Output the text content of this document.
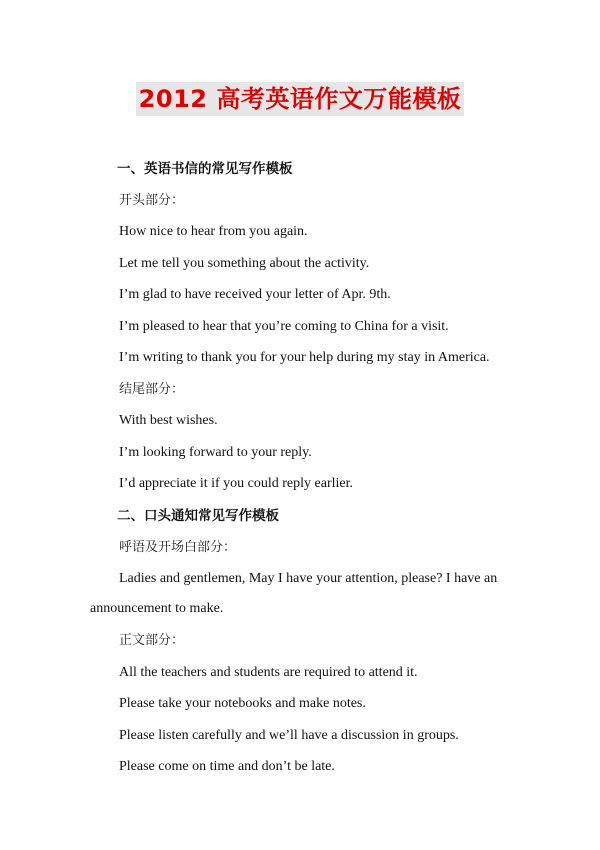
2012 高考英语作文万能模板
一、英语书信的常见写作模板
开头部分：
How nice to hear from you again.
Let me tell you something about the activity.
I’m glad to have received your letter of Apr. 9th.
I’m pleased to hear that you’re coming to China for a visit.
I’m writing to thank you for your help during my stay in America.
结尾部分：
With best wishes.
I’m looking forward to your reply.
I’d appreciate it if you could reply earlier.
二、口头通知常见写作模板
呼语及开场白部分：
Ladies and gentlemen, May I have your attention, please? I have an
announcement to make.
正文部分：
All the teachers and students are required to attend it.
Please take your notebooks and make notes.
Please listen carefully and we’ll have a discussion in groups.
Please come on time and don’t be late.
